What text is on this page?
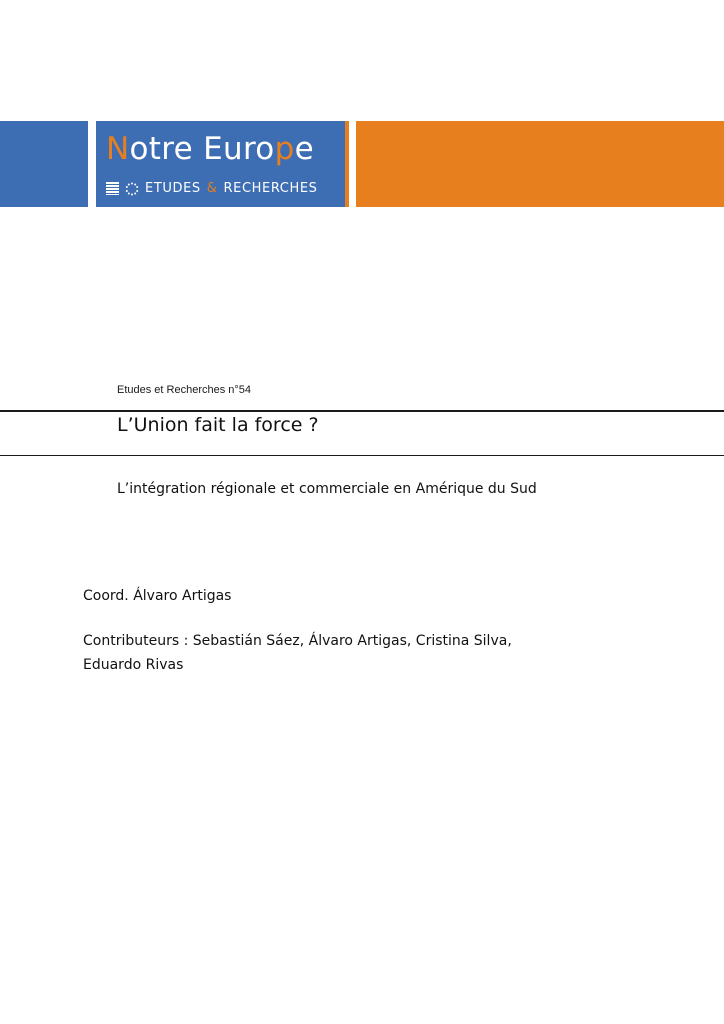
Notre Europe
ETUDES & RECHERCHES
Etudes et Recherches n°54
L’Union fait la force ?
L’intégration régionale et commerciale en Amérique du Sud
Coord. Álvaro Artigas
Contributeurs : Sebastián Sáez, Álvaro Artigas, Cristina Silva,
Eduardo Rivas
